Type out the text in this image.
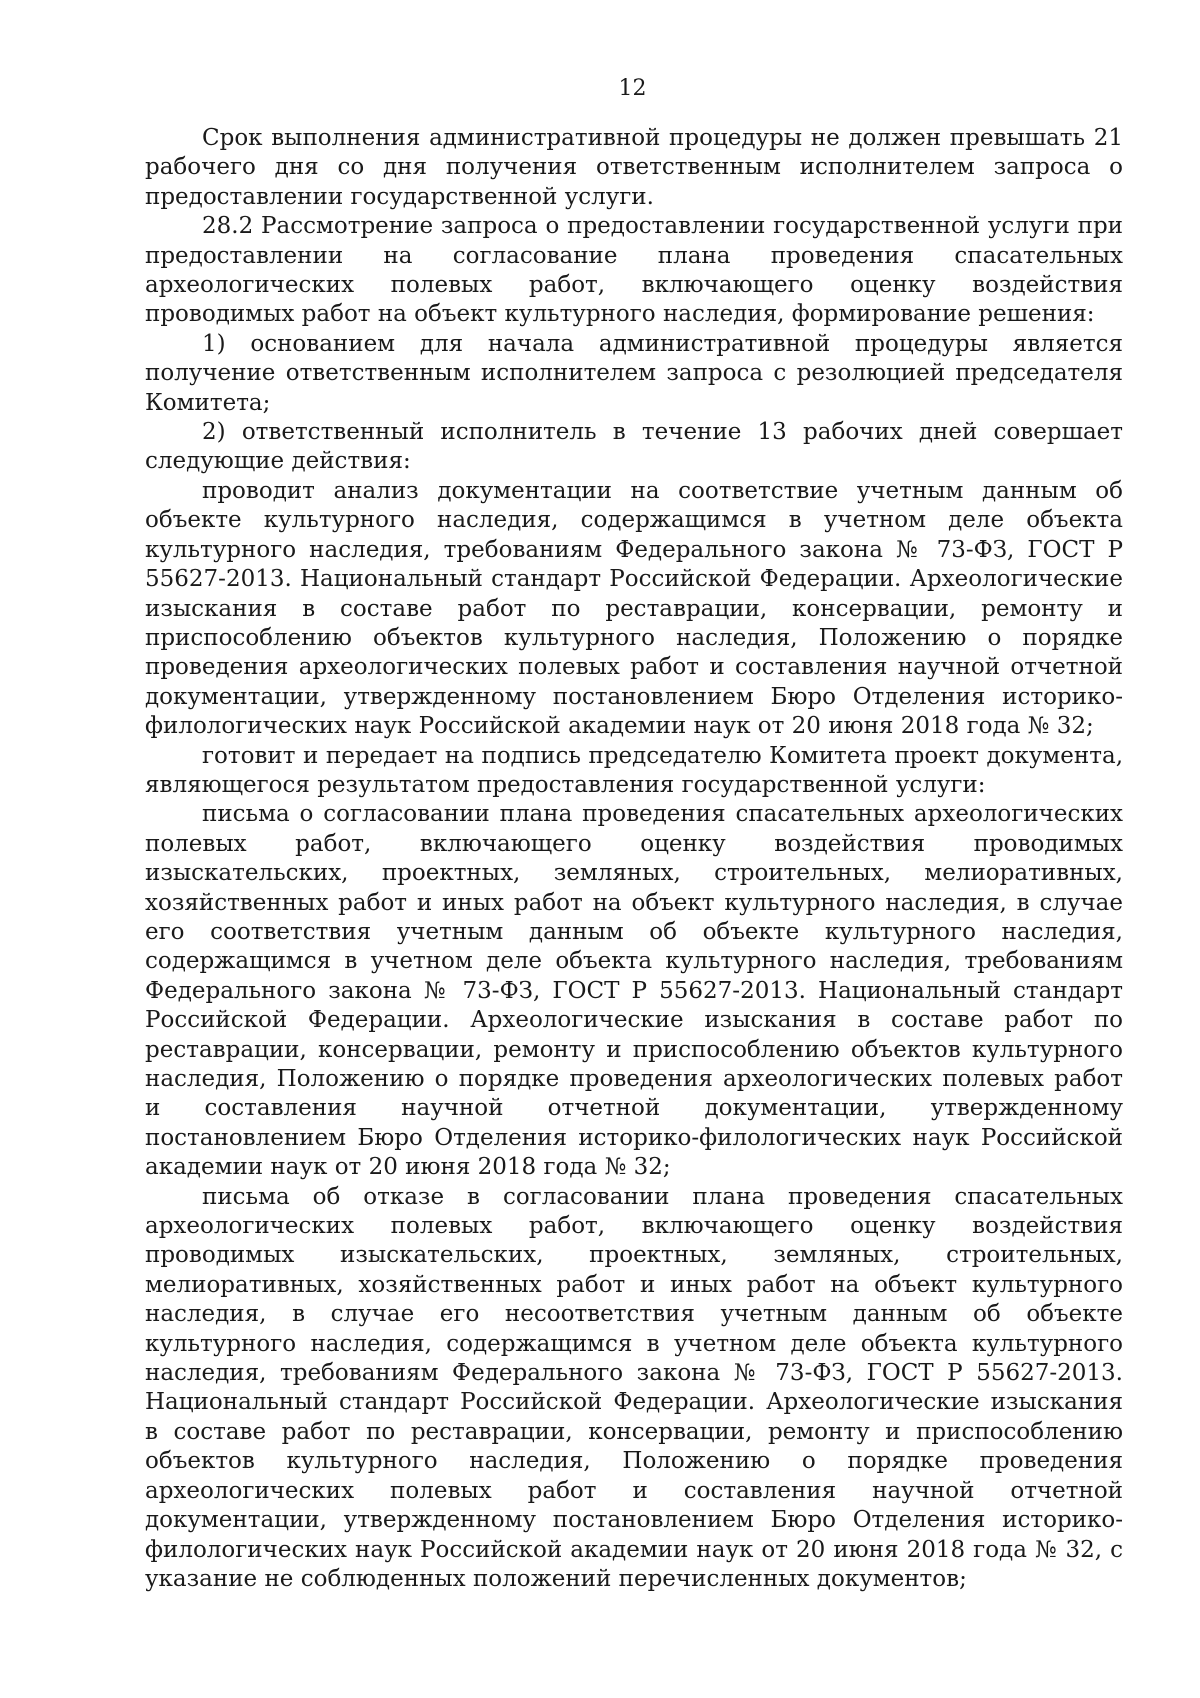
12

Срок выполнения административной процедуры не должен превышать 21 рабочего дня со дня получения ответственным исполнителем запроса о предоставлении государственной услуги.

28.2 Рассмотрение запроса о предоставлении государственной услуги при предоставлении на согласование плана проведения спасательных археологических полевых работ, включающего оценку воздействия проводимых работ на объект культурного наследия, формирование решения:

1) основанием для начала административной процедуры является получение ответственным исполнителем запроса с резолюцией председателя Комитета;

2) ответственный исполнитель в течение 13 рабочих дней совершает следующие действия:

проводит анализ документации на соответствие учетным данным об объекте культурного наследия, содержащимся в учетном деле объекта культурного наследия, требованиям Федерального закона № 73-ФЗ, ГОСТ Р 55627-2013. Национальный стандарт Российской Федерации. Археологические изыскания в составе работ по реставрации, консервации, ремонту и приспособлению объектов культурного наследия, Положению о порядке проведения археологических полевых работ и составления научной отчетной документации, утвержденному постановлением Бюро Отделения историко-филологических наук Российской академии наук от 20 июня 2018 года № 32;

готовит и передает на подпись председателю Комитета проект документа, являющегося результатом предоставления государственной услуги:

письма о согласовании плана проведения спасательных археологических полевых работ, включающего оценку воздействия проводимых изыскательских, проектных, земляных, строительных, мелиоративных, хозяйственных работ и иных работ на объект культурного наследия, в случае его соответствия учетным данным об объекте культурного наследия, содержащимся в учетном деле объекта культурного наследия, требованиям Федерального закона № 73-ФЗ, ГОСТ Р 55627-2013. Национальный стандарт Российской Федерации. Археологические изыскания в составе работ по реставрации, консервации, ремонту и приспособлению объектов культурного наследия, Положению о порядке проведения археологических полевых работ и составления научной отчетной документации, утвержденному постановлением Бюро Отделения историко-филологических наук Российской академии наук от 20 июня 2018 года № 32;

письма об отказе в согласовании плана проведения спасательных археологических полевых работ, включающего оценку воздействия проводимых изыскательских, проектных, земляных, строительных, мелиоративных, хозяйственных работ и иных работ на объект культурного наследия, в случае его несоответствия учетным данным об объекте культурного наследия, содержащимся в учетном деле объекта культурного наследия, требованиям Федерального закона № 73-ФЗ, ГОСТ Р 55627-2013. Национальный стандарт Российской Федерации. Археологические изыскания в составе работ по реставрации, консервации, ремонту и приспособлению объектов культурного наследия, Положению о порядке проведения археологических полевых работ и составления научной отчетной документации, утвержденному постановлением Бюро Отделения историко-филологических наук Российской академии наук от 20 июня 2018 года № 32, с указание не соблюденных положений перечисленных документов;
